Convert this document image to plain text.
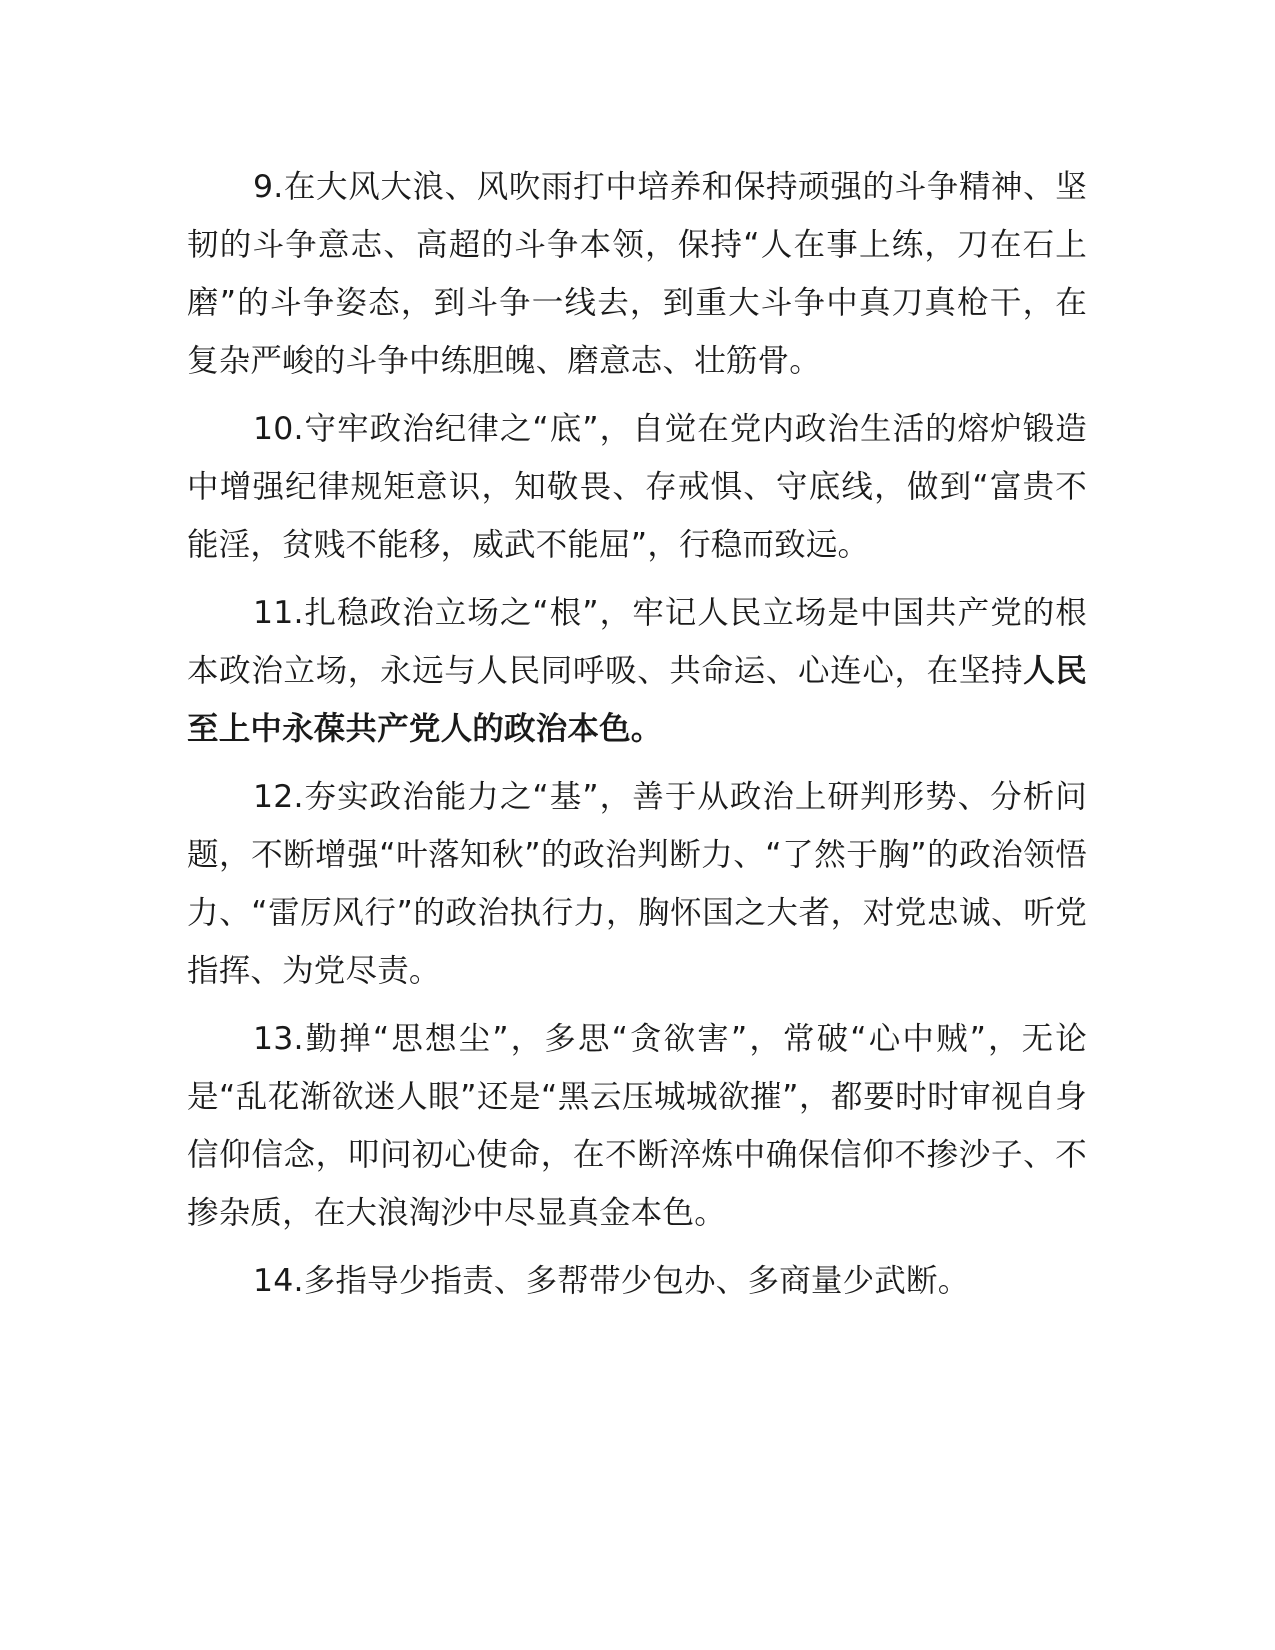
9.在大风大浪、风吹雨打中培养和保持顽强的斗争精神、坚韧的斗争意志、高超的斗争本领，保持“人在事上练，刀在石上磨”的斗争姿态，到斗争一线去，到重大斗争中真刀真枪干，在复杂严峻的斗争中练胆魄、磨意志、壮筋骨。

10.守牢政治纪律之“底”，自觉在党内政治生活的熔炉锻造中增强纪律规矩意识，知敬畏、存戒惧、守底线，做到“富贵不能淫，贫贱不能移，威武不能屈”，行稳而致远。

11.扎稳政治立场之“根”，牢记人民立场是中国共产党的根本政治立场，永远与人民同呼吸、共命运、心连心，在坚持人民至上中永葆共产党人的政治本色。

12.夯实政治能力之“基”，善于从政治上研判形势、分析问题，不断增强“叶落知秋”的政治判断力、“了然于胸”的政治领悟力、“雷厉风行”的政治执行力，胸怀国之大者，对党忠诚、听党指挥、为党尽责。

13.勤掸“思想尘”，多思“贪欲害”，常破“心中贼”，无论是“乱花渐欲迷人眼”还是“黑云压城城欲摧”，都要时时审视自身信仰信念，叩问初心使命，在不断淬炼中确保信仰不掺沙子、不掺杂质，在大浪淘沙中尽显真金本色。

14.多指导少指责、多帮带少包办、多商量少武断。
